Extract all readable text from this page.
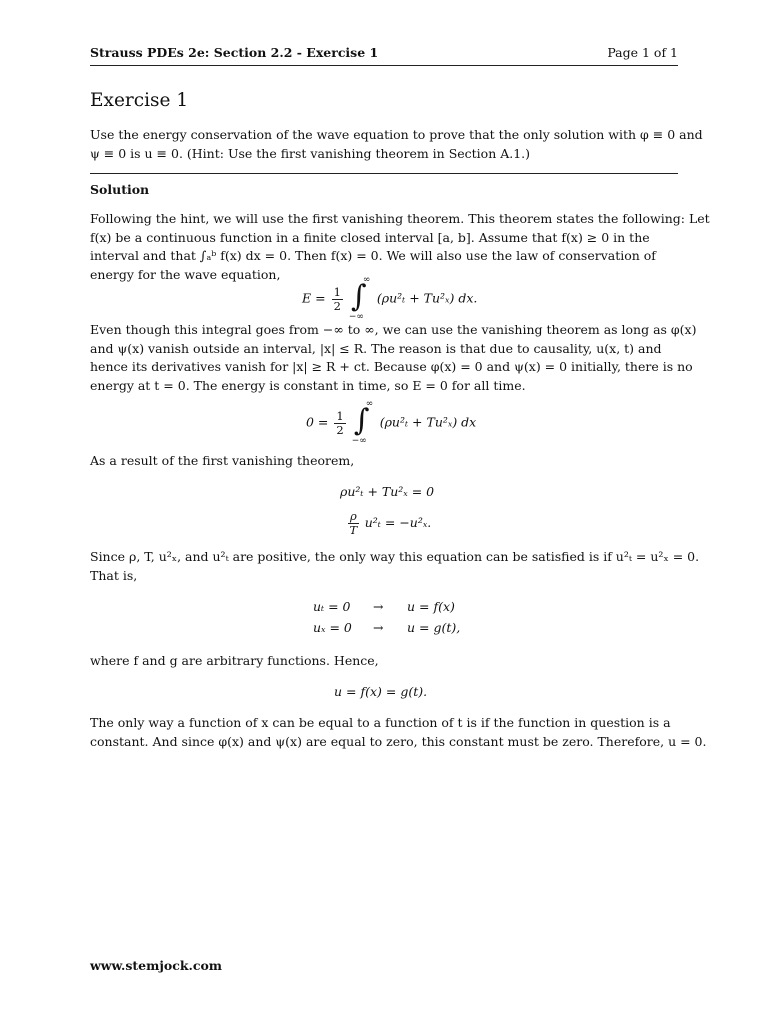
Strauss PDEs 2e: Section 2.2 - Exercise 1	Page 1 of 1
Exercise 1
Use the energy conservation of the wave equation to prove that the only solution with φ ≡ 0 and
ψ ≡ 0 is u ≡ 0. (Hint: Use the first vanishing theorem in Section A.1.)
Solution
Following the hint, we will use the first vanishing theorem. This theorem states the following: Let
f(x) be a continuous function in a finite closed interval [a, b]. Assume that f(x) ≥ 0 in the
interval and that ∫ₐᵇ f(x) dx = 0. Then f(x) = 0. We will also use the law of conservation of
energy for the wave equation,
$E = \frac{1}{2}$
∫
∞
−∞
(ρu²ₜ + Tu²ₓ) dx.
Even though this integral goes from −∞ to ∞, we can use the vanishing theorem as long as φ(x)
and ψ(x) vanish outside an interval, |x| ≤ R. The reason is that due to causality, u(x, t) and
hence its derivatives vanish for |x| ≥ R + ct. Because φ(x) = 0 and ψ(x) = 0 initially, there is no
energy at t = 0. The energy is constant in time, so E = 0 for all time.
$0 = \frac{1}{2}$
∫
∞
−∞
(ρu²ₜ + Tu²ₓ) dx
As a result of the first vanishing theorem,
ρu²ₜ + Tu²ₓ = 0
$\frac{\rho}{T} u^2_t = -u^2_x$.
Since ρ, T, u²ₓ, and u²ₜ are positive, the only way this equation can be satisfied is if u²ₜ = u²ₓ = 0.
That is,
uₜ = 0 → u = f(x)
uₓ = 0 → u = g(t),
where f and g are arbitrary functions. Hence,
u = f(x) = g(t).
The only way a function of x can be equal to a function of t is if the function in question is a
constant. And since φ(x) and ψ(x) are equal to zero, this constant must be zero. Therefore, u = 0.
www.stemjock.com
